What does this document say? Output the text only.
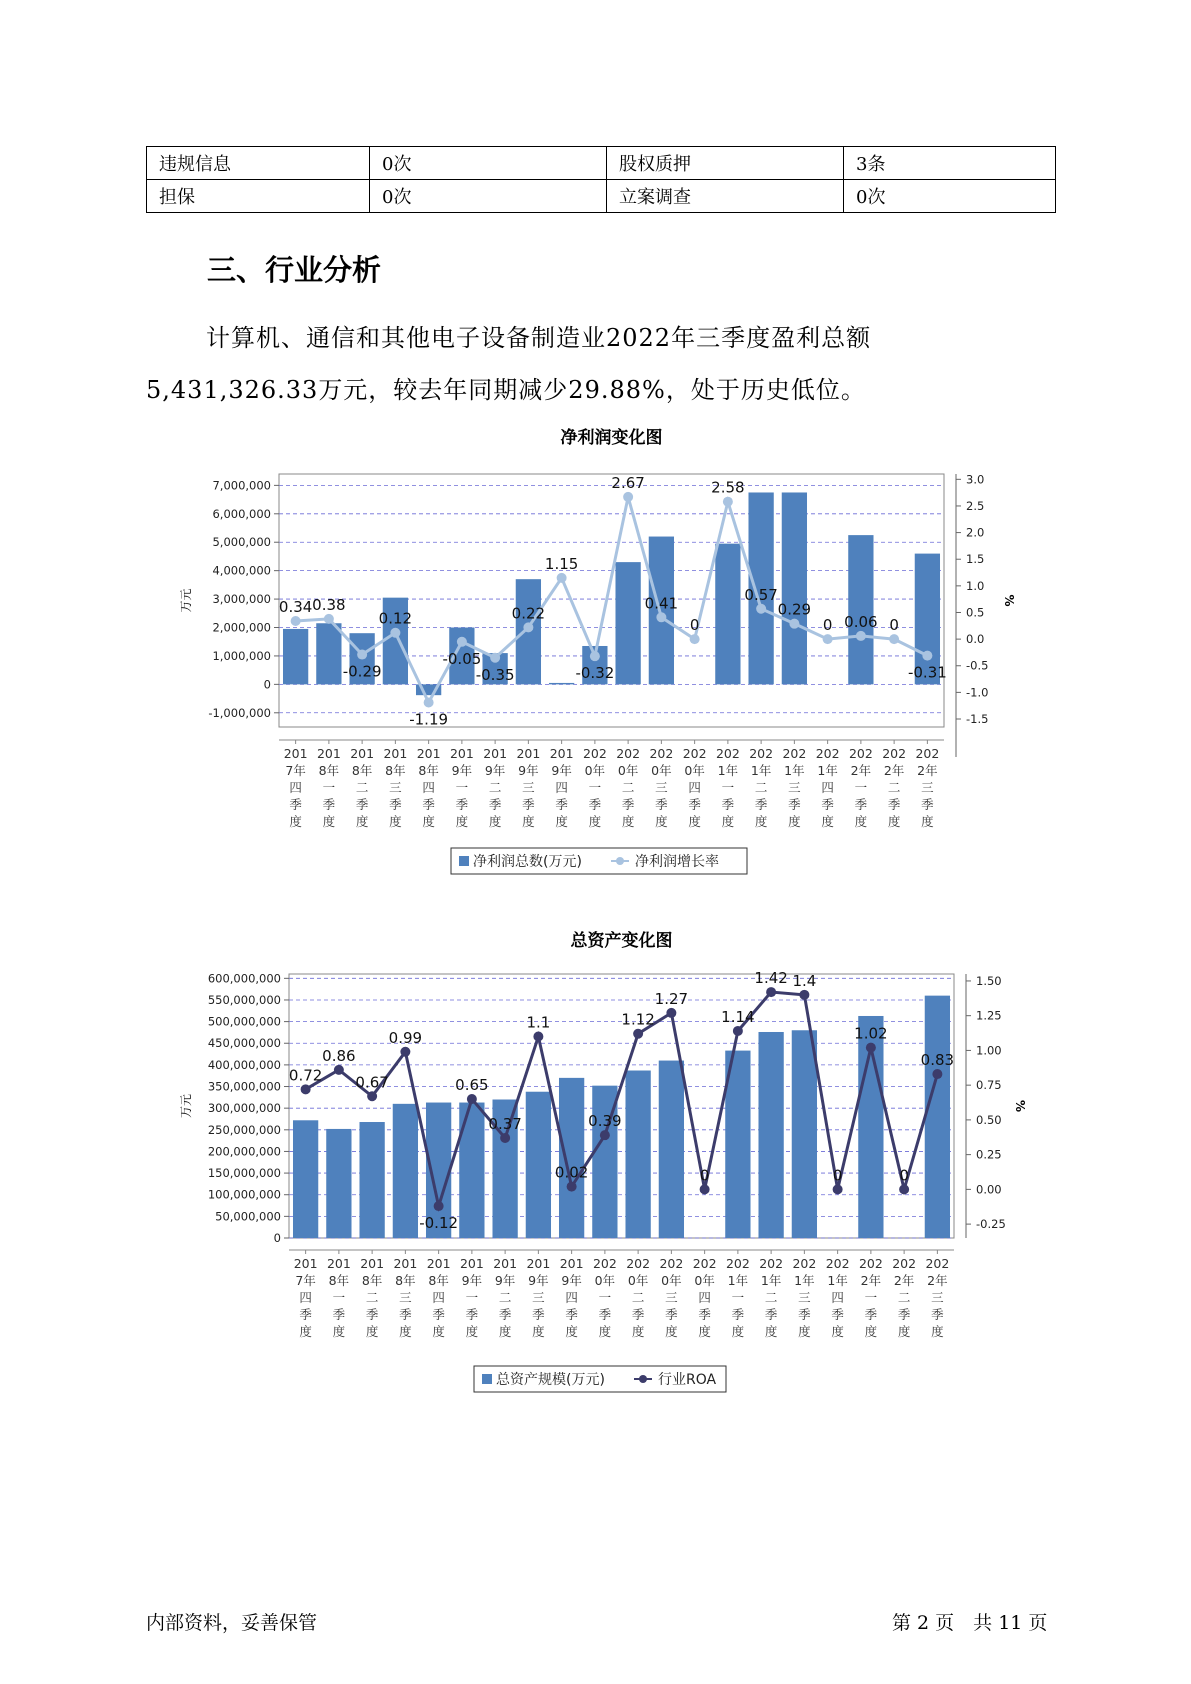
违规信息	0次	股权质押	3条
担保	0次	立案调查	0次
三、行业分析
计算机、通信和其他电子设备制造业2022年三季度盈利总额5,431,326.33万元，较去年同期减少29.88%，处于历史低位。
净利润变化图
7,000,000
6,000,000
5,000,000
4,000,000
3,000,000
2,000,000
1,000,000
0
-1,000,000
3.0
2.5
2.0
1.5
1.0
0.5
0.0
-0.5
-1.0
-1.5
万元	%
0.34 0.38
-0.29
0.12
-1.19
-0.05
-0.35
0.22
1.15
-0.32
2.67
0.41
0
2.58
0.57
0.29
0 0.06 0
-0.31
201
7年
四
季
度
201
8年
一
季
度
201
8年
二
季
度
201
8年
三
季
度
201
8年
四
季
度
201
9年
一
季
度
201
9年
二
季
度
201
9年
三
季
度
201
9年
四
季
度
202
0年
一
季
度
202
0年
二
季
度
202
0年
三
季
度
202
0年
四
季
度
202
1年
一
季
度
202
1年
二
季
度
202
1年
三
季
度
202
1年
四
季
度
202
2年
一
季
度
202
2年
二
季
度
202
2年
三
季
度
净利润总数(万元)	净利润增长率
总资产变化图
600,000,000
550,000,000
500,000,000
450,000,000
400,000,000
350,000,000
300,000,000
250,000,000
200,000,000
150,000,000
100,000,000
50,000,000
0
1.50
1.25
1.00
0.75
0.50
0.25
0.00
-0.25
万元	%
0.72
0.86
0.67
0.99
-0.12
0.65
0.37
1.1
0.02
0.39
1.12
1.27
0
1.14
1.42 1.4
0
1.02
0
0.83
201
7年
四
季
度
201
8年
一
季
度
201
8年
二
季
度
201
8年
三
季
度
201
8年
四
季
度
201
9年
一
季
度
201
9年
二
季
度
201
9年
三
季
度
201
9年
四
季
度
202
0年
一
季
度
202
0年
二
季
度
202
0年
三
季
度
202
0年
四
季
度
202
1年
一
季
度
202
1年
二
季
度
202
1年
三
季
度
202
1年
四
季
度
202
2年
一
季
度
202
2年
二
季
度
202
2年
三
季
度
总资产规模(万元)	行业ROA
内部资料，妥善保管	第 2 页　共 11 页
